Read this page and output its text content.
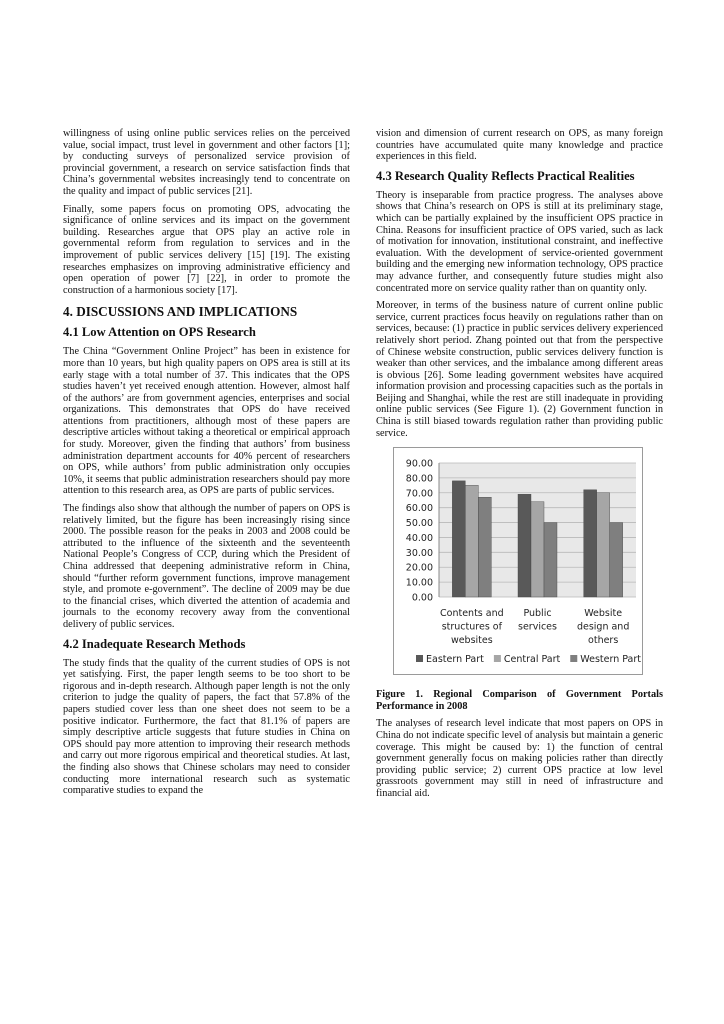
willingness of using online public services relies on the perceived value, social impact, trust level in government and other factors [1]; by conducting surveys of personalized service provision of provincial government, a research on service satisfaction finds that China’s governmental websites increasingly tend to concentrate on the quality and impact of public services [21].

Finally, some papers focus on promoting OPS, advocating the significance of online services and its impact on the government building. Researches argue that OPS play an active role in governmental reform from regulation to services and in the improvement of public services delivery [15] [19]. The existing researches emphasizes on improving administrative efficiency and open operation of power [7] [22], in order to promote the construction of a harmonious society [17].

4. DISCUSSIONS AND IMPLICATIONS
4.1 Low Attention on OPS Research

The China “Government Online Project” has been in existence for more than 10 years, but high quality papers on OPS area is still at its early stage with a total number of 37. This indicates that the OPS studies haven’t yet received enough attention. However, almost half of the authors’ are from government agencies, enterprises and social organizations. This demonstrates that OPS do have received attentions from practitioners, although most of these papers are descriptive articles without taking a theoretical or empirical approach for study. Moreover, given the finding that authors’ from business administration department accounts for 40% percent of researchers on OPS, while authors’ from public administration only occupies 10%, it seems that public administration researchers should pay more attention to this research area, as OPS are parts of public services.

The findings also show that although the number of papers on OPS is relatively limited, but the figure has been increasingly rising since 2000. The possible reason for the peaks in 2003 and 2008 could be attributed to the influence of the sixteenth and the seventeenth National People’s Congress of CCP, during which the President of China addressed that deepening administrative reform in China, should “further reform government functions, improve management style, and promote e-government”. The decline of 2009 may be due to the financial crises, which diverted the attention of academia and journals to the economy recovery away from the conventional delivery of public services.

4.2 Inadequate Research Methods

The study finds that the quality of the current studies of OPS is not yet satisfying. First, the paper length seems to be too short to be rigorous and in-depth research. Although paper length is not the only criterion to judge the quality of papers, the fact that 57.8% of the papers studied cover less than one sheet does not seem to be a positive indicator. Furthermore, the fact that 81.1% of papers are simply descriptive article suggests that future studies in China on OPS should pay more attention to improving their research methods and carry out more rigorous empirical and theoretical studies. At last, the finding also shows that Chinese scholars may need to consider conducting more international research such as systematic comparative studies to expand the

vision and dimension of current research on OPS, as many foreign countries have accumulated quite many knowledge and practice experiences in this field.

4.3 Research Quality Reflects Practical Realities

Theory is inseparable from practice progress. The analyses above shows that China’s research on OPS is still at its preliminary stage, which can be partially explained by the insufficient OPS practice in China. Reasons for insufficient practice of OPS varied, such as lack of motivation for innovation, institutional constraint, and ineffective evaluation. With the development of service-oriented government building and the emerging new information technology, OPS practice may advance further, and consequently future studies might also concentrated more on service quality rather than on quantity only.

Moreover, in terms of the business nature of current online public service, current practices focus heavily on regulations rather than on services, because: (1) practice in public services delivery experienced relatively short period. Zhang pointed out that from the perspective of Chinese website construction, public services delivery function is weaker than other services, and the imbalance among different areas is obvious [26]. Some leading government websites have acquired information provision and processing capacities such as the portals in Beijing and Shanghai, while the rest are still inadequate in providing online public services (See Figure 1). (2) Government function in China is still biased towards regulation rather than providing public service.

0.00
10.00
20.00
30.00
40.00
50.00
60.00
70.00
80.00
90.00
Contents and
structures of
websites
Public
services
Website
design and
others
Eastern Part Central Part Western Part

Figure 1. Regional Comparison of Government Portals Performance in 2008

The analyses of research level indicate that most papers on OPS in China do not indicate specific level of analysis but maintain a generic coverage. This might be caused by: 1) the function of central government generally focus on making policies rather than directly providing public service; 2) current OPS practice at low level grassroots government may still in need of infrastructure and financial aid.
